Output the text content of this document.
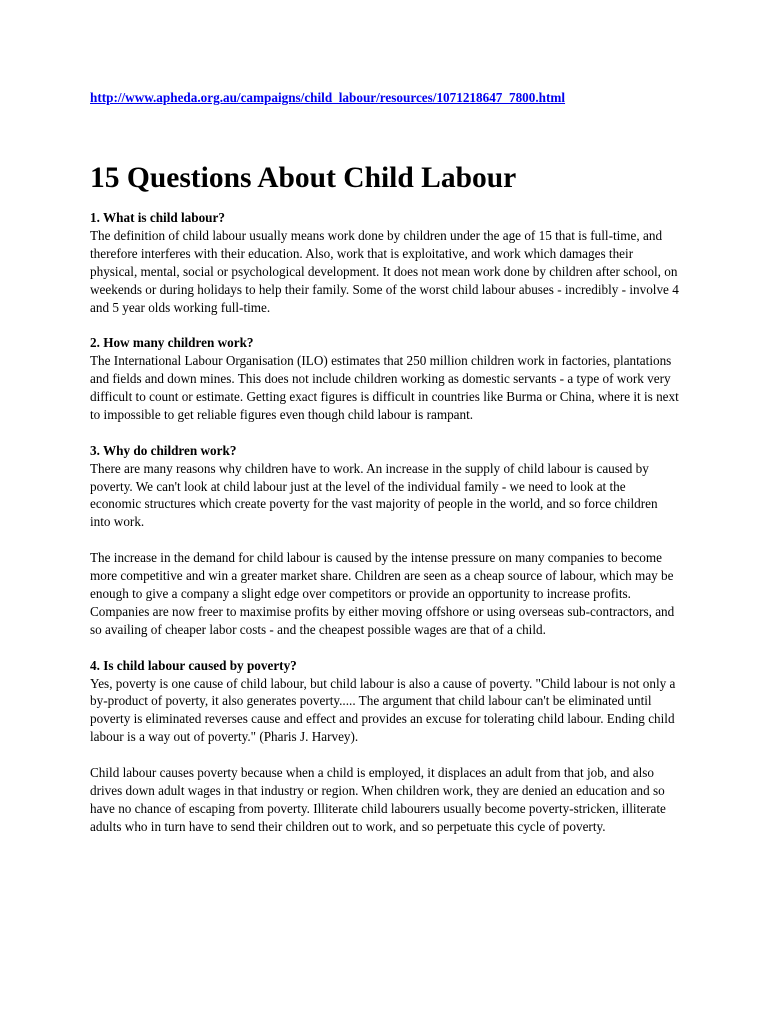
http://www.apheda.org.au/campaigns/child_labour/resources/1071218647_7800.html
15 Questions About Child Labour
1. What is child labour?
The definition of child labour usually means work done by children under the age of 15 that is full-time, and therefore interferes with their education. Also, work that is exploitative, and work which damages their physical, mental, social or psychological development. It does not mean work done by children after school, on weekends or during holidays to help their family. Some of the worst child labour abuses - incredibly - involve 4 and 5 year olds working full-time.
2. How many children work?
The International Labour Organisation (ILO) estimates that 250 million children work in factories, plantations and fields and down mines. This does not include children working as domestic servants - a type of work very difficult to count or estimate. Getting exact figures is difficult in countries like Burma or China, where it is next to impossible to get reliable figures even though child labour is rampant.
3. Why do children work?
There are many reasons why children have to work. An increase in the supply of child labour is caused by poverty. We can't look at child labour just at the level of the individual family - we need to look at the economic structures which create poverty for the vast majority of people in the world, and so force children into work.
The increase in the demand for child labour is caused by the intense pressure on many companies to become more competitive and win a greater market share. Children are seen as a cheap source of labour, which may be enough to give a company a slight edge over competitors or provide an opportunity to increase profits. Companies are now freer to maximise profits by either moving offshore or using overseas sub-contractors, and so availing of cheaper labor costs - and the cheapest possible wages are that of a child.
4. Is child labour caused by poverty?
Yes, poverty is one cause of child labour, but child labour is also a cause of poverty. "Child labour is not only a by-product of poverty, it also generates poverty..... The argument that child labour can't be eliminated until poverty is eliminated reverses cause and effect and provides an excuse for tolerating child labour. Ending child labour is a way out of poverty." (Pharis J. Harvey).
Child labour causes poverty because when a child is employed, it displaces an adult from that job, and also drives down adult wages in that industry or region. When children work, they are denied an education and so have no chance of escaping from poverty. Illiterate child labourers usually become poverty-stricken, illiterate adults who in turn have to send their children out to work, and so perpetuate this cycle of poverty.
